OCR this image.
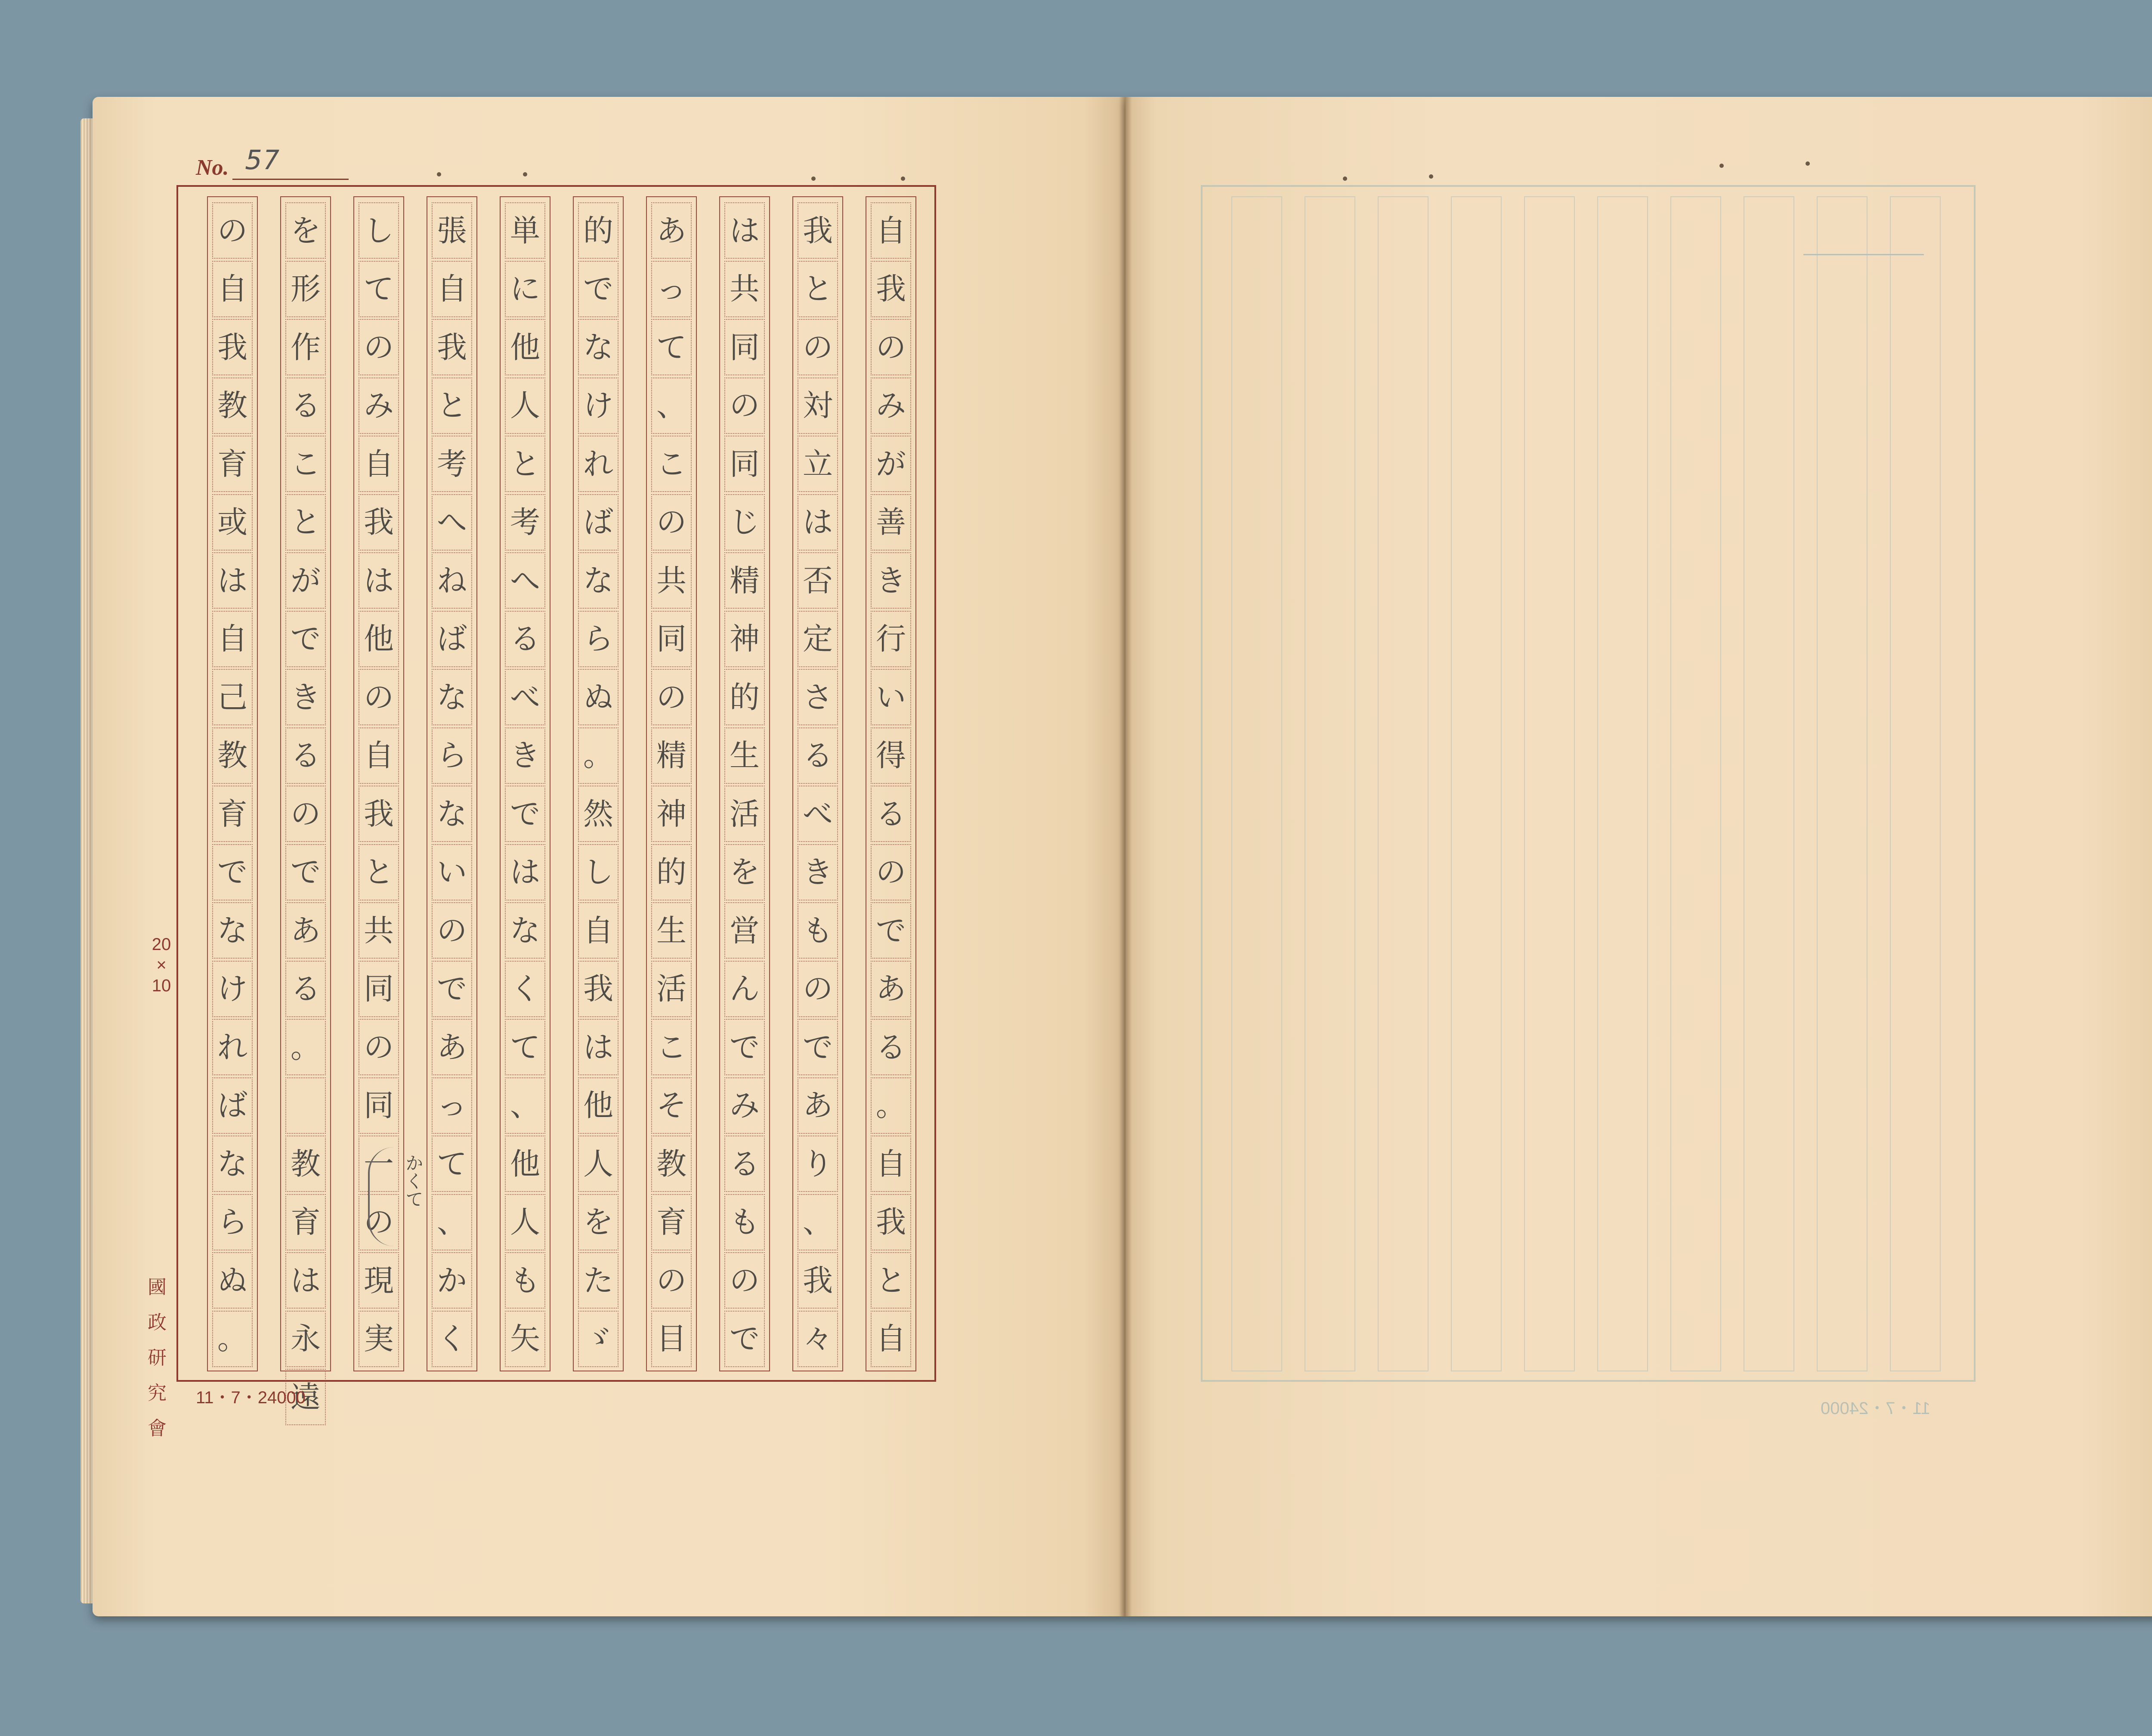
No. 57
自
我
の
み
が
善
き
行
い
得
る
の
で
あ
る
。
自
我
と
自
我
と
の
対
立
は
否
定
さ
る
べ
き
も
の
で
あ
り
、
我
々
は
共
同
の
同
じ
精
神
的
生
活
を
営
ん
で
み
る
も
の
で
あ
っ
て
、
こ
の
共
同
の
精
神
的
生
活
こ
そ
教
育
の
目
的
で
な
け
れ
ば
な
ら
ぬ
。
然
し
自
我
は
他
人
を
た
ゞ
単
に
他
人
と
考
へ
る
べ
き
で
は
な
く
て
、
他
人
も
矢
張
自
我
と
考
へ
ね
ば
な
ら
な
い
の
で
あ
っ
て
、
か
く
し
て
の
み
自
我
は
他
の
自
我
と
共
同
の
同
一
の
現
実
を
形
作
る
こ
と
が
で
き
る
の
で
あ
る
。
教
育
は
永
遠
の
自
我
教
育
或
は
自
己
教
育
で
な
け
れ
ば
な
ら
ぬ
。
20
×
10
國
政
研
究
會
11・7・24000
かくて
11・7・24000
